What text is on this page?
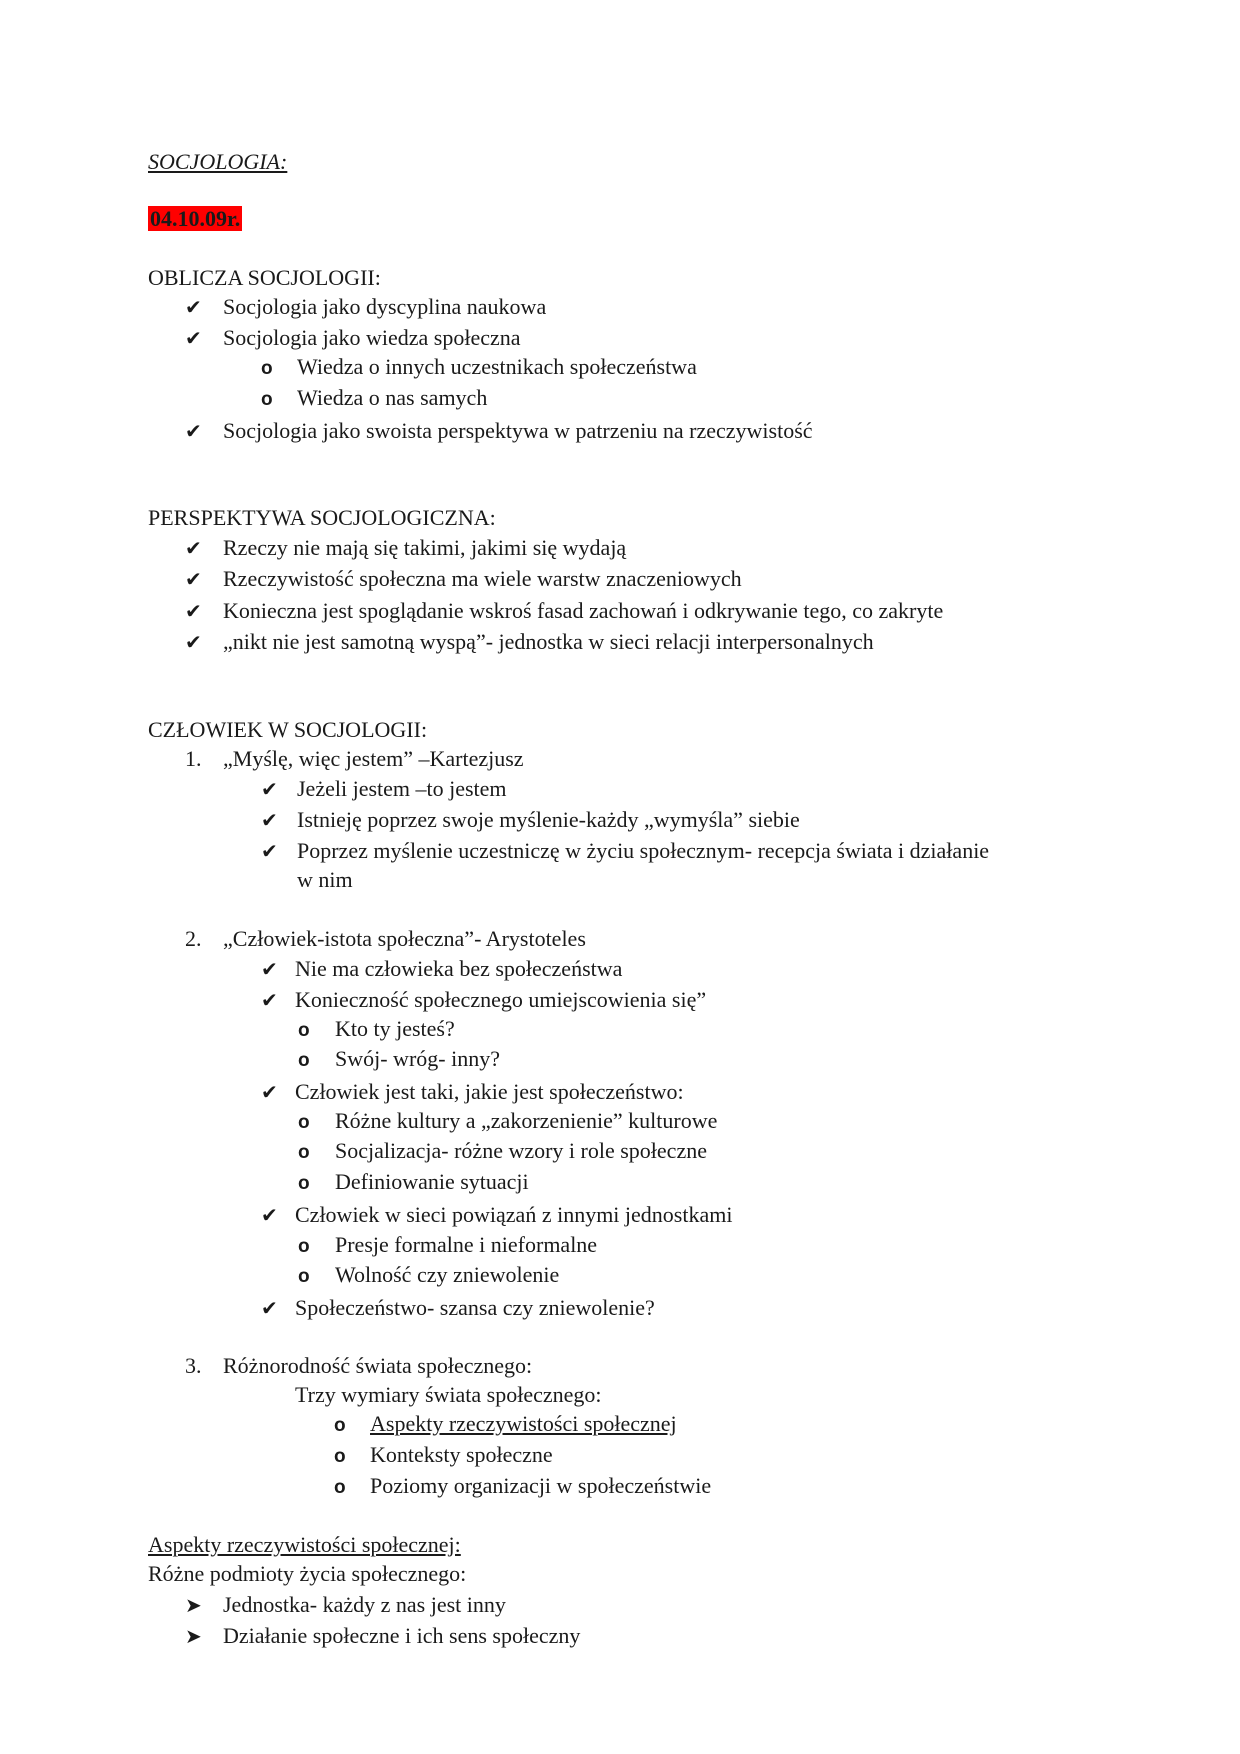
SOCJOLOGIA:
04.10.09r.
OBLICZA SOCJOLOGII:
✔
Socjologia jako dyscyplina naukowa
✔
Socjologia jako wiedza społeczna
o
Wiedza o innych uczestnikach społeczeństwa
o
Wiedza o nas samych
✔
Socjologia jako swoista perspektywa w patrzeniu na rzeczywistość
PERSPEKTYWA SOCJOLOGICZNA:
✔
Rzeczy nie mają się takimi, jakimi się wydają
✔
Rzeczywistość społeczna ma wiele warstw znaczeniowych
✔
Konieczna jest spoglądanie wskroś fasad zachowań i odkrywanie tego, co zakryte
✔
„nikt nie jest samotną wyspą”- jednostka w sieci relacji interpersonalnych
CZŁOWIEK W SOCJOLOGII:
1. „Myślę, więc jestem” –Kartezjusz
✔
Jeżeli jestem –to jestem
✔
Istnieję poprzez swoje myślenie-każdy „wymyśla” siebie
✔
Poprzez myślenie uczestniczę w życiu społecznym- recepcja świata i działanie
w nim
2. „Człowiek-istota społeczna”- Arystoteles
✔
Nie ma człowieka bez społeczeństwa
✔
Konieczność społecznego umiejscowienia się”
o
Kto ty jesteś?
o
Swój- wróg- inny?
✔
Człowiek jest taki, jakie jest społeczeństwo:
o
Różne kultury a „zakorzenienie” kulturowe
o
Socjalizacja- różne wzory i role społeczne
o
Definiowanie sytuacji
✔
Człowiek w sieci powiązań z innymi jednostkami
o
Presje formalne i nieformalne
o
Wolność czy zniewolenie
✔
Społeczeństwo- szansa czy zniewolenie?
3. Różnorodność świata społecznego:
Trzy wymiary świata społecznego:
o
Aspekty rzeczywistości społecznej
o
Konteksty społeczne
o
Poziomy organizacji w społeczeństwie
Aspekty rzeczywistości społecznej:
Różne podmioty życia społecznego:
➤
Jednostka- każdy z nas jest inny
➤
Działanie społeczne i ich sens społeczny
